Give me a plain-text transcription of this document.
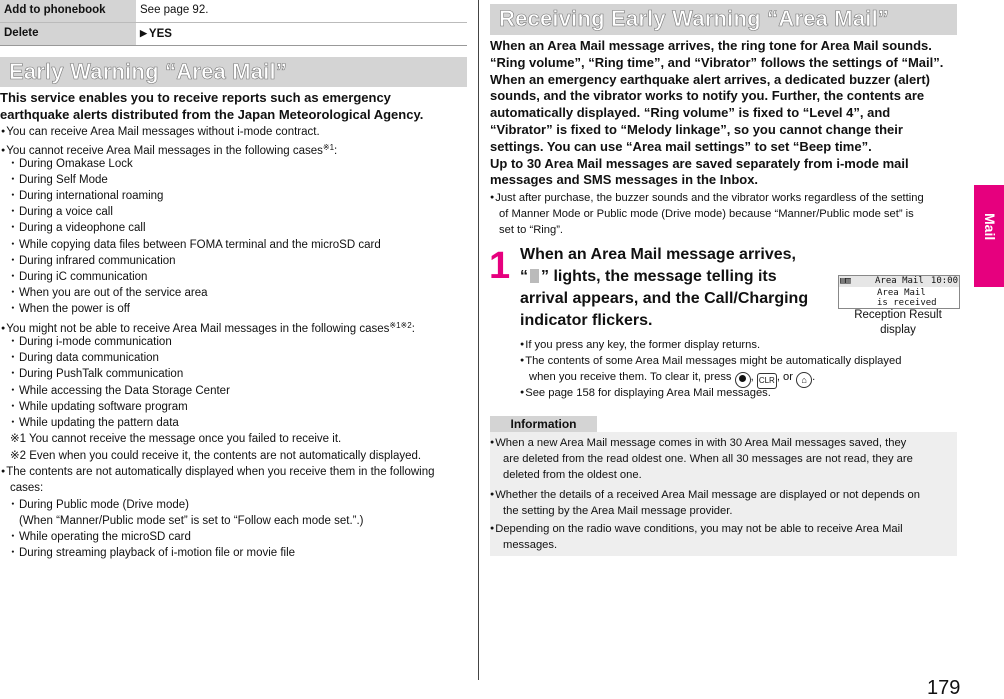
Add to phonebook	See page 92.
Delete	▶ YES
Early Warning “Area Mail”
This service enables you to receive reports such as emergency
earthquake alerts distributed from the Japan Meteorological Agency.
● You can receive Area Mail messages without i-mode contract.
● You cannot receive Area Mail messages in the following cases$^{※1}$:
･ During Omakase Lock
･ During Self Mode
･ During international roaming
･ During a voice call
･ During a videophone call
･ While copying data files between FOMA terminal and the microSD card
･ During infrared communication
･ During iC communication
･ When you are out of the service area
･ When the power is off
● You might not be able to receive Area Mail messages in the following cases$^{※1※2}$:
･ During i-mode communication
･ During data communication
･ During PushTalk communication
･ While accessing the Data Storage Center
･ While updating software program
･ While updating the pattern data
※1 You cannot receive the message once you failed to receive it.
※2 Even when you could receive it, the contents are not automatically displayed.
● The contents are not automatically displayed when you receive them in the following
cases:
･ During Public mode (Drive mode)
(When “Manner/Public mode set” is set to “Follow each mode set.”.)
･ While operating the microSD card
･ During streaming playback of i-motion file or movie file
Receiving Early Warning “Area Mail”
When an Area Mail message arrives, the ring tone for Area Mail sounds.
“Ring volume”, “Ring time”, and “Vibrator” follows the settings of “Mail”.
When an emergency earthquake alert arrives, a dedicated buzzer (alert)
sounds, and the vibrator works to notify you. Further, the contents are
automatically displayed. “Ring volume” is fixed to “Level 4”, and
“Vibrator” is fixed to “Melody linkage”, so you cannot change their
settings. You can use “Area mail settings” to set “Beep time”.
Up to 30 Area Mail messages are saved separately from i-mode mail
messages and SMS messages in the Inbox.
● Just after purchase, the buzzer sounds and the vibrator works regardless of the setting
of Manner Mode or Public mode (Drive mode) because “Manner/Public mode set” is
set to “Ring”.
1 When an Area Mail message arrives,
“ ” lights, the message telling its
arrival appears, and the Call/Charging
indicator flickers.
▤▥	Area Mail 10:00
Area Mail
is received
Reception Result
display
● If you press any key, the former display returns.
● The contents of some Area Mail messages might be automatically displayed
when you receive them. To clear it, press , CLR , or ⌂ .
● See page 158 for displaying Area Mail messages.
Information
● When a new Area Mail message comes in with 30 Area Mail messages saved, they
are deleted from the read oldest one. When all 30 messages are not read, they are
deleted from the oldest one.
● Whether the details of a received Area Mail message are displayed or not depends on
the setting by the Area Mail message provider.
● Depending on the radio wave conditions, you may not be able to receive Area Mail
messages.
Mail
179
